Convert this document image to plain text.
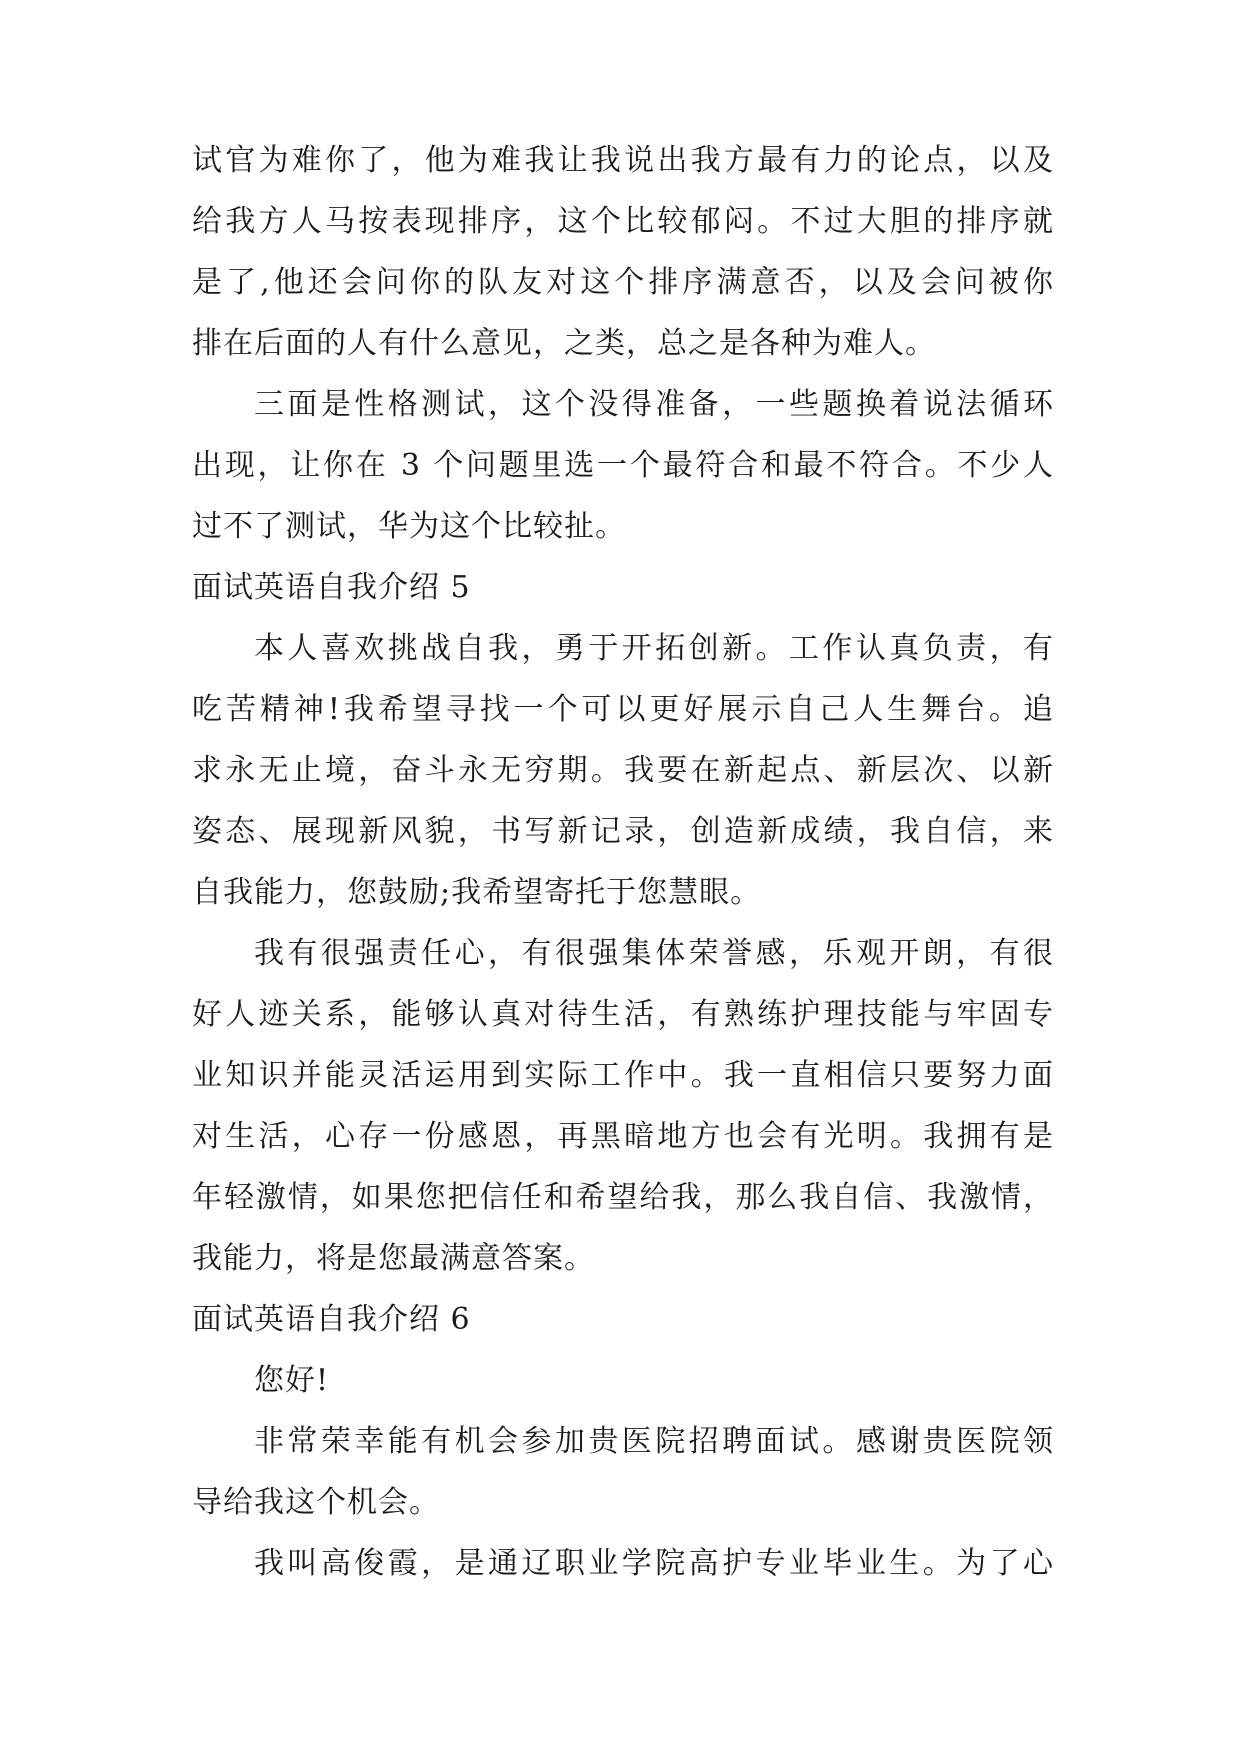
试官为难你了，他为难我让我说出我方最有力的论点，以及
给我方人马按表现排序，这个比较郁闷。不过大胆的排序就
是了,他还会问你的队友对这个排序满意否，以及会问被你
排在后面的人有什么意见，之类，总之是各种为难人。
三面是性格测试，这个没得准备，一些题换着说法循环
出现，让你在 3 个问题里选一个最符合和最不符合。不少人
过不了测试，华为这个比较扯。
面试英语自我介绍 5
本人喜欢挑战自我，勇于开拓创新。工作认真负责，有
吃苦精神!我希望寻找一个可以更好展示自己人生舞台。追
求永无止境，奋斗永无穷期。我要在新起点、新层次、以新
姿态、展现新风貌，书写新记录，创造新成绩，我自信，来
自我能力，您鼓励;我希望寄托于您慧眼。
我有很强责任心，有很强集体荣誉感，乐观开朗，有很
好人迹关系，能够认真对待生活，有熟练护理技能与牢固专
业知识并能灵活运用到实际工作中。我一直相信只要努力面
对生活，心存一份感恩，再黑暗地方也会有光明。我拥有是
年轻激情，如果您把信任和希望给我，那么我自信、我激情，
我能力，将是您最满意答案。
面试英语自我介绍 6
您好!
非常荣幸能有机会参加贵医院招聘面试。感谢贵医院领
导给我这个机会。
我叫高俊霞，是通辽职业学院高护专业毕业生。为了心
